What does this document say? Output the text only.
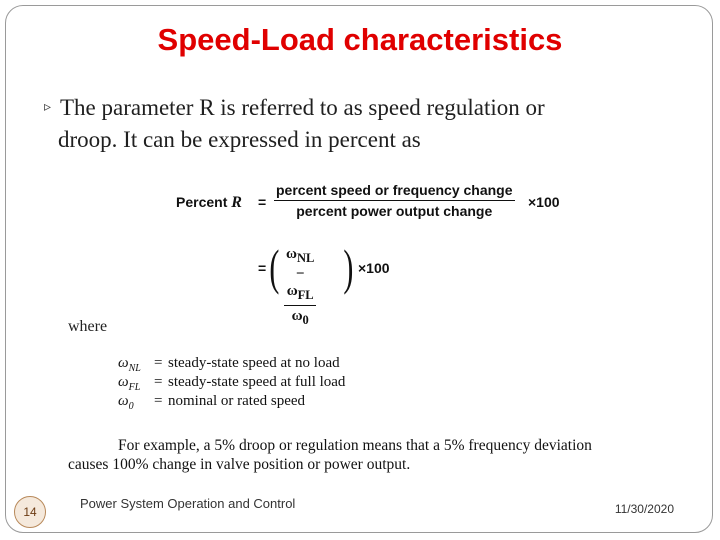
Speed-Load characteristics
▹ The parameter R is referred to as speed regulation or
droop. It can be expressed in percent as
Percent R =
percent speed or frequency change
percent power output change
×100
= ( $\omega_{NL} - \omega_{FL}$
$\omega_0$
) ×100
where
$\omega_{NL}$ = steady-state speed at no load
$\omega_{FL}$ = steady-state speed at full load
$\omega_0$ = nominal or rated speed
For example, a 5% droop or regulation means that a 5% frequency deviation
causes 100% change in valve position or power output.
14
Power System Operation and Control	11/30/2020
